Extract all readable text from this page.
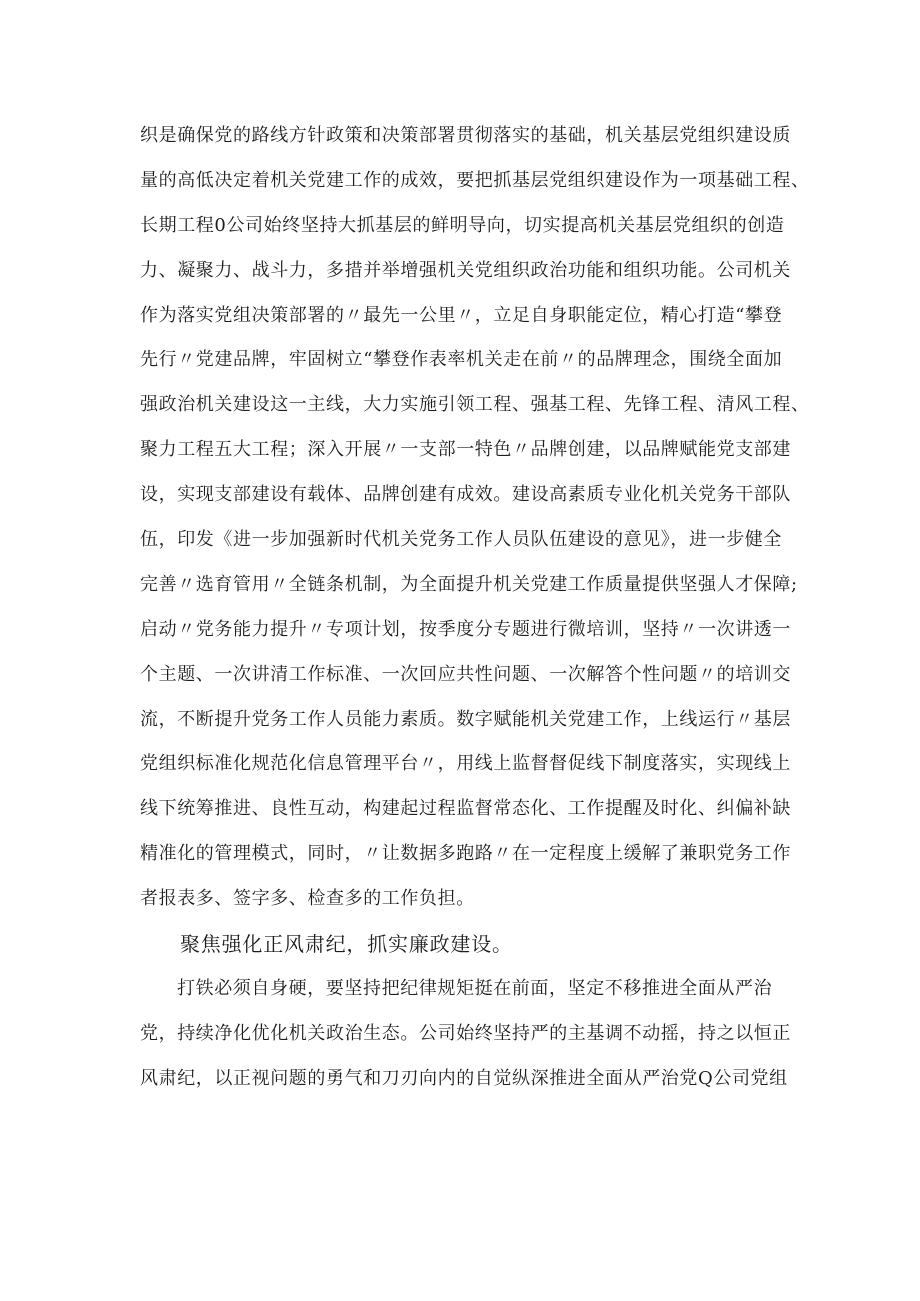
织是确保党的路线方针政策和决策部署贯彻落实的基础，机关基层党组织建设质
量的高低决定着机关党建工作的成效，要把抓基层党组织建设作为一项基础工程、
长期工程0公司始终坚持大抓基层的鲜明导向，切实提高机关基层党组织的创造
力、凝聚力、战斗力，多措并举增强机关党组织政治功能和组织功能。公司机关
作为落实党组决策部署的〃最先一公里〃，立足自身职能定位，精心打造“攀登
先行〃党建品牌，牢固树立“攀登作表率机关走在前〃的品牌理念，围绕全面加
强政治机关建设这一主线，大力实施引领工程、强基工程、先锋工程、清风工程、
聚力工程五大工程；深入开展〃一支部一特色〃品牌创建，以品牌赋能党支部建
设，实现支部建设有载体、品牌创建有成效。建设高素质专业化机关党务干部队
伍，印发《进一步加强新时代机关党务工作人员队伍建设的意见》，进一步健全
完善〃选育管用〃全链条机制，为全面提升机关党建工作质量提供坚强人才保障;
启动〃党务能力提升〃专项计划，按季度分专题进行微培训，坚持〃一次讲透一
个主题、一次讲清工作标准、一次回应共性问题、一次解答个性问题〃的培训交
流，不断提升党务工作人员能力素质。数字赋能机关党建工作，上线运行〃基层
党组织标准化规范化信息管理平台〃，用线上监督督促线下制度落实，实现线上
线下统筹推进、良性互动，构建起过程监督常态化、工作提醒及时化、纠偏补缺
精准化的管理模式，同时，〃让数据多跑路〃在一定程度上缓解了兼职党务工作
者报表多、签字多、检查多的工作负担。
聚焦强化正风肃纪，抓实廉政建设。
打铁必须自身硬，要坚持把纪律规矩挺在前面，坚定不移推进全面从严治
党，持续净化优化机关政治生态。公司始终坚持严的主基调不动摇，持之以恒正
风肃纪，以正视问题的勇气和刀刃向内的自觉纵深推进全面从严治党Q公司党组
